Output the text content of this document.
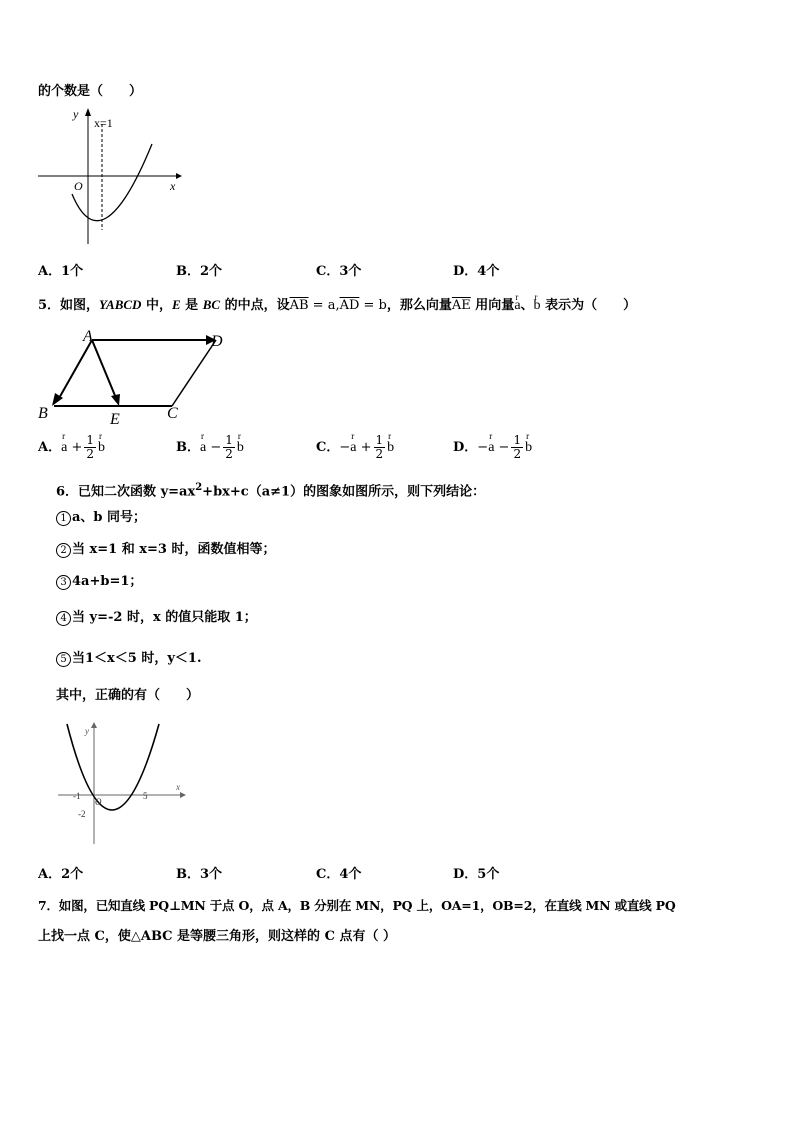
的个数是（　　）
x=1
y
O	x
A．1个	B．2个	C．3个	D．4个
5．如图，YABCD 中，E 是 BC 的中点，设$\overline{AB} = a,\overline{AD} = b$，那么向量$\overline{AE}$ 用向量r a、r b 表示为（　　）
A	D
B	E	C
A．r $a + \frac{1}{2}$ r b	B．r $a - \frac{1}{2}$ r b	C．−r $a + \frac{1}{2}$ r b	D．−r $a - \frac{1}{2}$ r b
6．已知二次函数 $y=ax^2+bx+c(a\ne 1)$的图象如图所示，则下列结论：
1 a、b 同号；
2 当 x=1 和 x=3 时，函数值相等；
3 4a+b=1；
4 当 y=-2 时，x 的值只能取 1；
5 当1＜x＜5 时，y＜1.
其中，正确的有（　　）
y
x
O
-1	5
-2
A．2个	B．3个	C．4个	D．5个
7．如图，已知直线 PQ⊥MN 于点 O，点 A，B 分别在 MN，PQ 上，OA=1，OB=2，在直线 MN 或直线 PQ
上找一点 C，使△ABC 是等腰三角形，则这样的 C 点有（ ）
